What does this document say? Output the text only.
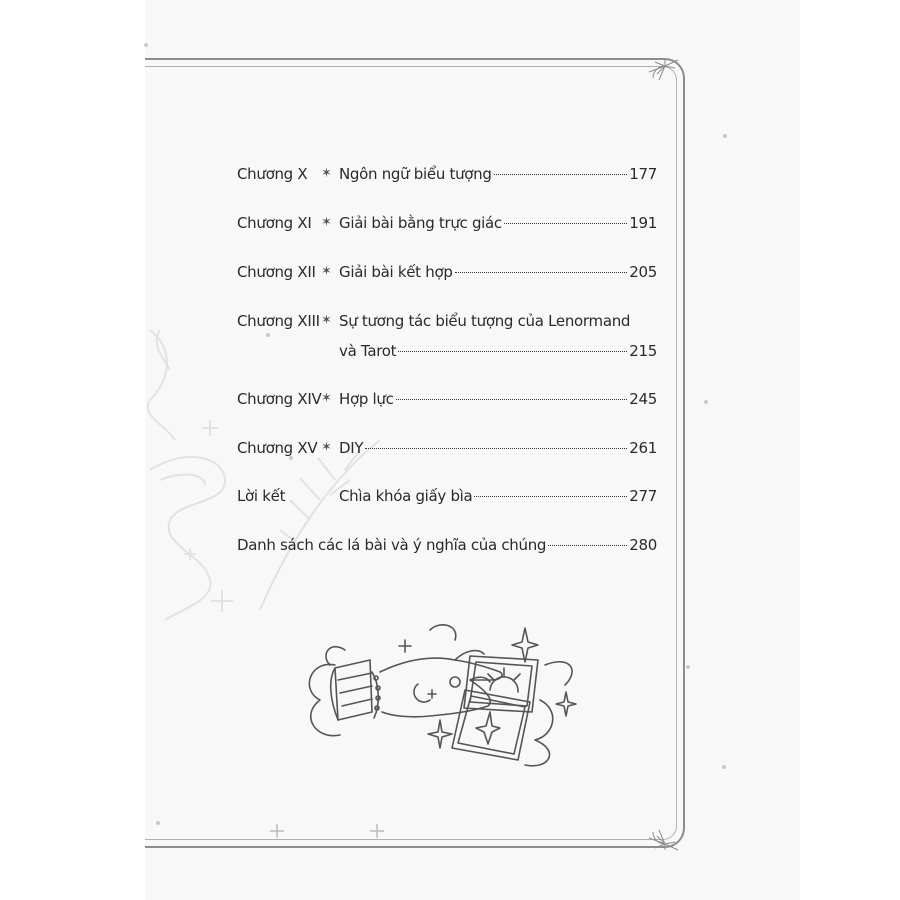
Chương X ✶ Ngôn ngữ biểu tượng	177
Chương XI ✶ Giải bài bằng trực giác	191
Chương XII ✶ Giải bài kết hợp	205
Chương XIII ✶ Sự tương tác biểu tượng của Lenormand
và Tarot	215
Chương XIV ✶ Hợp lực	245
Chương XV ✶ DIY	261
Lời kết	Chìa khóa giấy bìa	277
Danh sách các lá bài và ý nghĩa của chúng	280
